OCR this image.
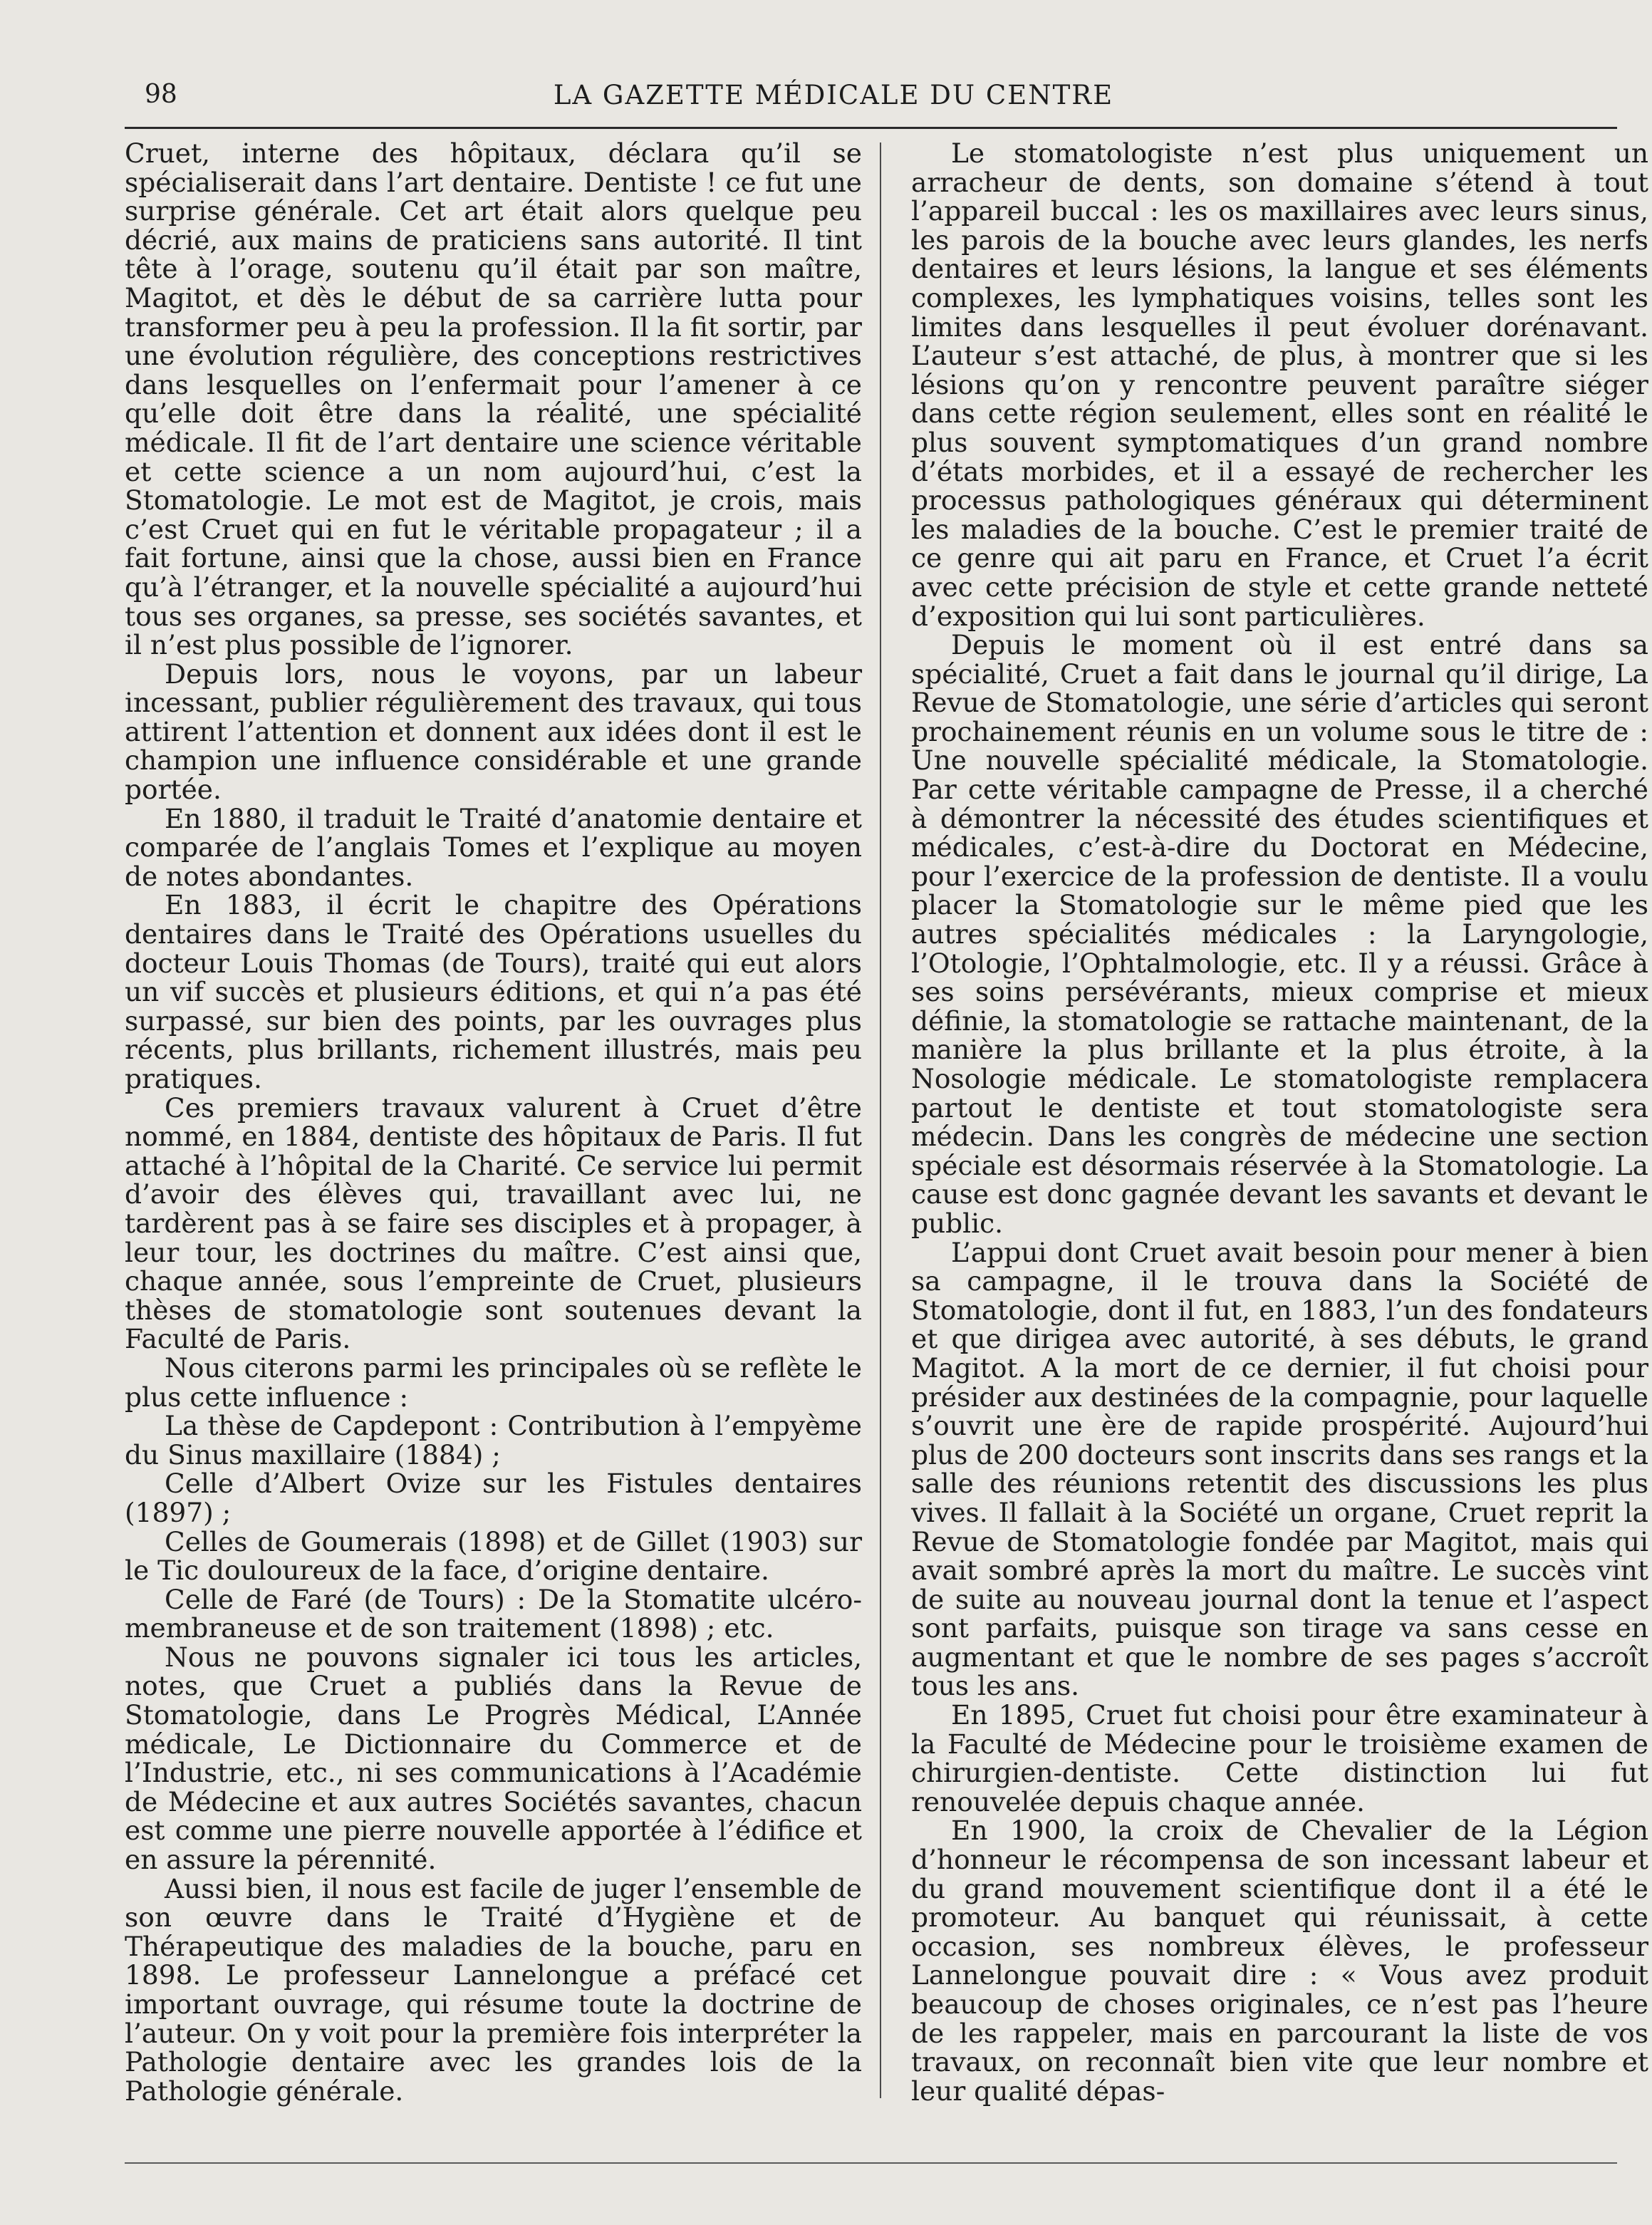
98	LA GAZETTE MÉDICALE DU CENTRE

Cruet, interne des hôpitaux, déclara qu’il se spécialiserait dans l’art dentaire. Dentiste ! ce fut une surprise générale. Cet art était alors quelque peu décrié, aux mains de praticiens sans autorité. Il tint tête à l’orage, soutenu qu’il était par son maître, Magitot, et dès le début de sa carrière lutta pour transformer peu à peu la profession. Il la fit sortir, par une évolution régulière, des conceptions restrictives dans lesquelles on l’enfermait pour l’amener à ce qu’elle doit être dans la réalité, une spécialité médicale. Il fit de l’art dentaire une science véritable et cette science a un nom aujourd’hui, c’est la Stomatologie. Le mot est de Magitot, je crois, mais c’est Cruet qui en fut le véritable propagateur ; il a fait fortune, ainsi que la chose, aussi bien en France qu’à l’étranger, et la nouvelle spécialité a aujourd’hui tous ses organes, sa presse, ses sociétés savantes, et il n’est plus possible de l’ignorer.

Depuis lors, nous le voyons, par un labeur incessant, publier régulièrement des travaux, qui tous attirent l’attention et donnent aux idées dont il est le champion une influence considérable et une grande portée.

En 1880, il traduit le Traité d’anatomie dentaire et comparée de l’anglais Tomes et l’explique au moyen de notes abondantes.

En 1883, il écrit le chapitre des Opérations dentaires dans le Traité des Opérations usuelles du docteur Louis Thomas (de Tours), traité qui eut alors un vif succès et plusieurs éditions, et qui n’a pas été surpassé, sur bien des points, par les ouvrages plus récents, plus brillants, richement illustrés, mais peu pratiques.

Ces premiers travaux valurent à Cruet d’être nommé, en 1884, dentiste des hôpitaux de Paris. Il fut attaché à l’hôpital de la Charité. Ce service lui permit d’avoir des élèves qui, travaillant avec lui, ne tardèrent pas à se faire ses disciples et à propager, à leur tour, les doctrines du maître. C’est ainsi que, chaque année, sous l’empreinte de Cruet, plusieurs thèses de stomatologie sont soutenues devant la Faculté de Paris.

Nous citerons parmi les principales où se reflète le plus cette influence :

La thèse de Capdepont : Contribution à l’empyème du Sinus maxillaire (1884) ;

Celle d’Albert Ovize sur les Fistules dentaires (1897) ;

Celles de Goumerais (1898) et de Gillet (1903) sur le Tic douloureux de la face, d’origine dentaire.

Celle de Faré (de Tours) : De la Stomatite ulcéro-membraneuse et de son traitement (1898) ; etc.

Nous ne pouvons signaler ici tous les articles, notes, que Cruet a publiés dans la Revue de Stomatologie, dans Le Progrès Médical, L’Année médicale, Le Dictionnaire du Commerce et de l’Industrie, etc., ni ses communications à l’Académie de Médecine et aux autres Sociétés savantes, chacun est comme une pierre nouvelle apportée à l’édifice et en assure la pérennité.

Aussi bien, il nous est facile de juger l’ensemble de son œuvre dans le Traité d’Hygiène et de Thérapeutique des maladies de la bouche, paru en 1898. Le professeur Lannelongue a préfacé cet important ouvrage, qui résume toute la doctrine de l’auteur. On y voit pour la première fois interpréter la Pathologie dentaire avec les grandes lois de la Pathologie générale.

Le stomatologiste n’est plus uniquement un arracheur de dents, son domaine s’étend à tout l’appareil buccal : les os maxillaires avec leurs sinus, les parois de la bouche avec leurs glandes, les nerfs dentaires et leurs lésions, la langue et ses éléments complexes, les lymphatiques voisins, telles sont les limites dans lesquelles il peut évoluer dorénavant. L’auteur s’est attaché, de plus, à montrer que si les lésions qu’on y rencontre peuvent paraître siéger dans cette région seulement, elles sont en réalité le plus souvent symptomatiques d’un grand nombre d’états morbides, et il a essayé de rechercher les processus pathologiques généraux qui déterminent les maladies de la bouche. C’est le premier traité de ce genre qui ait paru en France, et Cruet l’a écrit avec cette précision de style et cette grande netteté d’exposition qui lui sont particulières.

Depuis le moment où il est entré dans sa spécialité, Cruet a fait dans le journal qu’il dirige, La Revue de Stomatologie, une série d’articles qui seront prochainement réunis en un volume sous le titre de : Une nouvelle spécialité médicale, la Stomatologie. Par cette véritable campagne de Presse, il a cherché à démontrer la nécessité des études scientifiques et médicales, c’est-à-dire du Doctorat en Médecine, pour l’exercice de la profession de dentiste. Il a voulu placer la Stomatologie sur le même pied que les autres spécialités médicales : la Laryngologie, l’Otologie, l’Ophtalmologie, etc. Il y a réussi. Grâce à ses soins persévérants, mieux comprise et mieux définie, la stomatologie se rattache maintenant, de la manière la plus brillante et la plus étroite, à la Nosologie médicale. Le stomatologiste remplacera partout le dentiste et tout stomatologiste sera médecin. Dans les congrès de médecine une section spéciale est désormais réservée à la Stomatologie. La cause est donc gagnée devant les savants et devant le public.

L’appui dont Cruet avait besoin pour mener à bien sa campagne, il le trouva dans la Société de Stomatologie, dont il fut, en 1883, l’un des fondateurs et que dirigea avec autorité, à ses débuts, le grand Magitot. A la mort de ce dernier, il fut choisi pour présider aux destinées de la compagnie, pour laquelle s’ouvrit une ère de rapide prospérité. Aujourd’hui plus de 200 docteurs sont inscrits dans ses rangs et la salle des réunions retentit des discussions les plus vives. Il fallait à la Société un organe, Cruet reprit la Revue de Stomatologie fondée par Magitot, mais qui avait sombré après la mort du maître. Le succès vint de suite au nouveau journal dont la tenue et l’aspect sont parfaits, puisque son tirage va sans cesse en augmentant et que le nombre de ses pages s’accroît tous les ans.

En 1895, Cruet fut choisi pour être examinateur à la Faculté de Médecine pour le troisième examen de chirurgien-dentiste. Cette distinction lui fut renouvelée depuis chaque année.

En 1900, la croix de Chevalier de la Légion d’honneur le récompensa de son incessant labeur et du grand mouvement scientifique dont il a été le promoteur. Au banquet qui réunissait, à cette occasion, ses nombreux élèves, le professeur Lannelongue pouvait dire : « Vous avez produit beaucoup de choses originales, ce n’est pas l’heure de les rappeler, mais en parcourant la liste de vos travaux, on reconnaît bien vite que leur nombre et leur qualité dépas-
